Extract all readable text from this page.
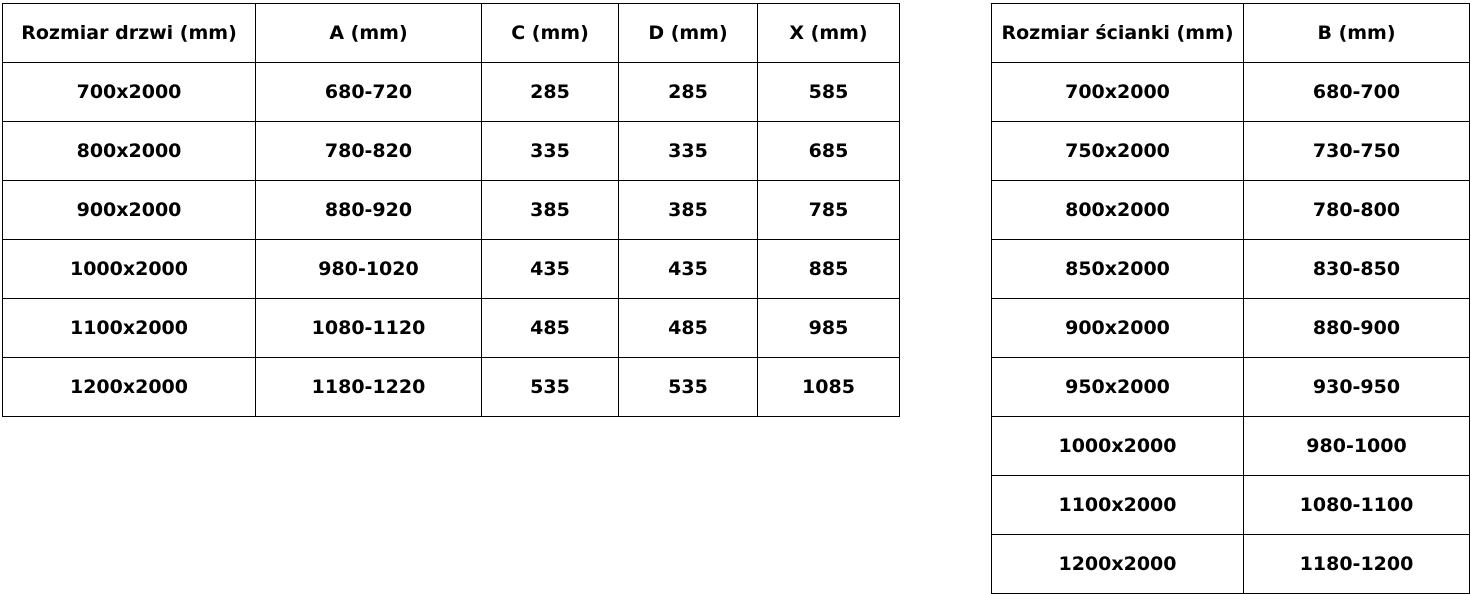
Rozmiar drzwi (mm)	A (mm)	C (mm)	D (mm)	X (mm)
700x2000	680-720	285	285	585
800x2000	780-820	335	335	685
900x2000	880-920	385	385	785
1000x2000	980-1020	435	435	885
1100x2000	1080-1120	485	485	985
1200x2000	1180-1220	535	535	1085
Rozmiar ścianki (mm)	B (mm)
700x2000	680-700
750x2000	730-750
800x2000	780-800
850x2000	830-850
900x2000	880-900
950x2000	930-950
1000x2000	980-1000
1100x2000	1080-1100
1200x2000	1180-1200
